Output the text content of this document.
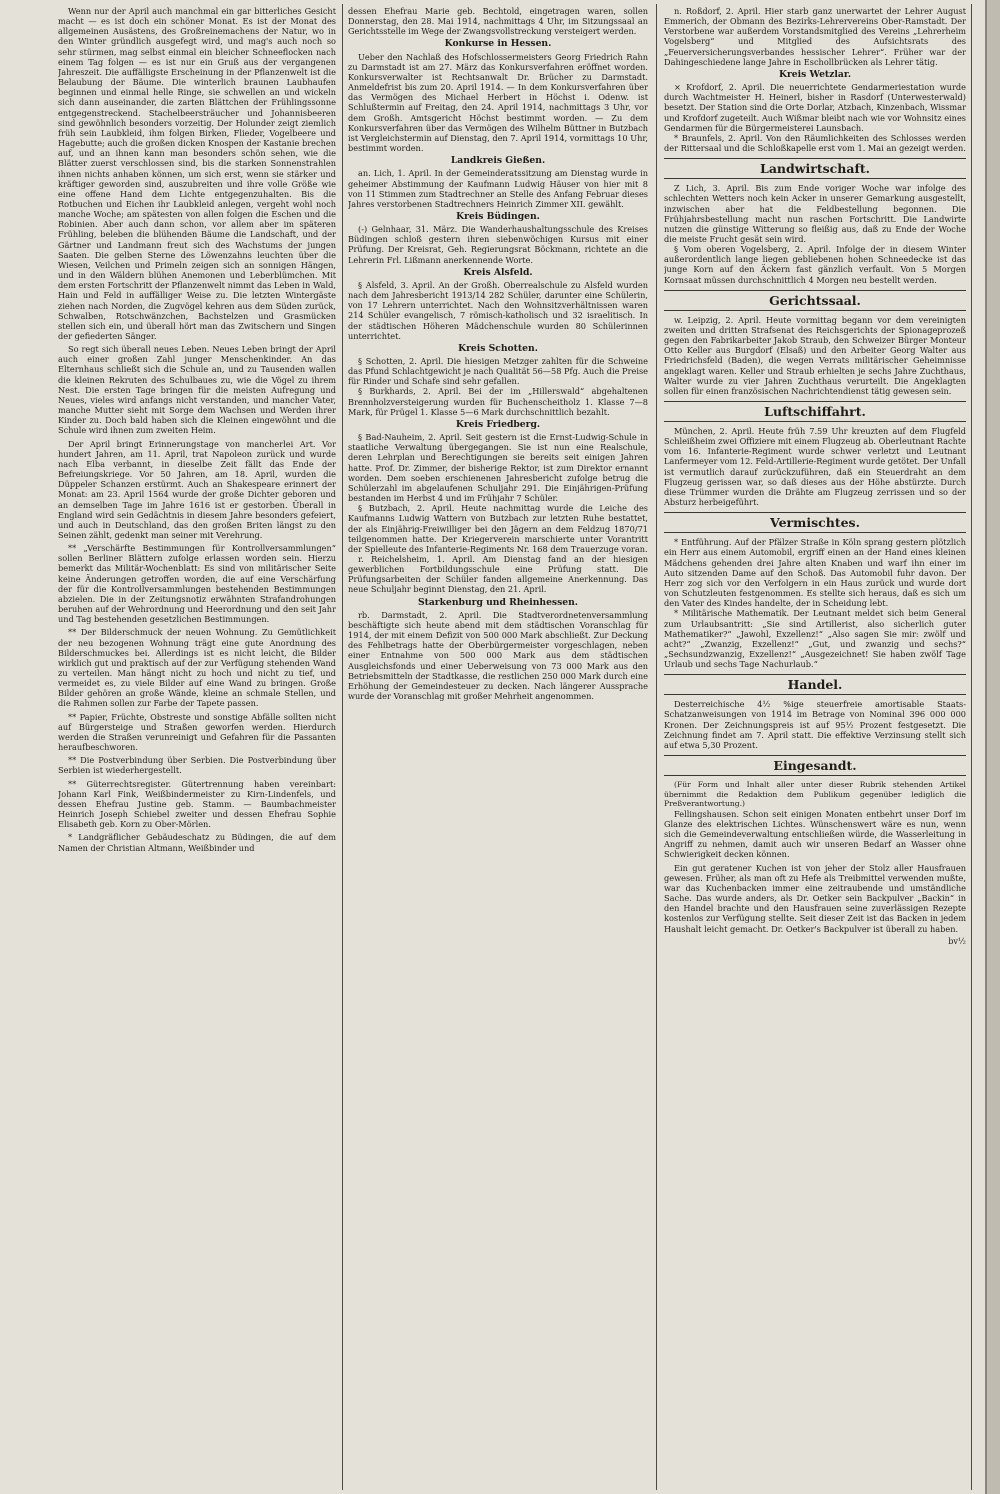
Wenn nur der April auch manchmal ein gar bitterliches Gesicht macht — es ist doch ein schöner Monat. Es ist der Monat des allgemeinen Ausästens, des Großreinemachens der Natur, wo in den Winter gründlich ausgefegt wird, und mag's auch noch so sehr stürmen, mag selbst einmal ein bleicher Schneeflocken nach einem Tag folgen — es ist nur ein Gruß aus der vergangenen Jahreszeit. Die auffälligste Erscheinung in der Pflanzenwelt ist die Belaubung der Bäume. Die winterlich braunen Laubhaufen beginnen und einmal helle Ringe, sie schwellen an und wickeln sich dann auseinander, die zarten Blättchen der Frühlingssonne entgegenstreckend. Stachelbeersträucher und Johannisbeeren sind gewöhnlich besonders vorzeitig. Der Holunder zeigt ziemlich früh sein Laubkleid, ihm folgen Birken, Flieder, Vogelbeere und Hagebutte; auch die großen dicken Knospen der Kastanie brechen auf, und an ihnen kann man besonders schön sehen, wie die Blätter zuerst verschlossen sind, bis die starken Sonnenstrahlen ihnen nichts anhaben können, um sich erst, wenn sie stärker und kräftiger geworden sind, auszubreiten und ihre volle Größe wie eine offene Hand dem Lichte entgegenzuhalten. Bis die Rotbuchen und Eichen ihr Laubkleid anlegen, vergeht wohl noch manche Woche; am spätesten von allen folgen die Eschen und die Robinien. Aber auch dann schon, vor allem aber im späteren Frühling, beleben die blühenden Bäume die Landschaft, und der Gärtner und Landmann freut sich des Wachstums der jungen Saaten. Die gelben Sterne des Löwenzahns leuchten über die Wiesen, Veilchen und Primeln zeigen sich an sonnigen Hängen, und in den Wäldern blühen Anemonen und Leberblümchen. Mit dem ersten Fortschritt der Pflanzenwelt nimmt das Leben in Wald, Hain und Feld in auffälliger Weise zu. Die letzten Wintergäste ziehen nach Norden, die Zugvögel kehren aus dem Süden zurück, Schwalben, Rotschwänzchen, Bachstelzen und Grasmücken stellen sich ein, und überall hört man das Zwitschern und Singen der gefiederten Sänger.

So regt sich überall neues Leben. Neues Leben bringt der April auch einer großen Zahl junger Menschenkinder. An das Elternhaus schließt sich die Schule an, und zu Tausenden wallen die kleinen Rekruten des Schulbaues zu, wie die Vögel zu ihrem Nest. Die ersten Tage bringen für die meisten Aufregung und Neues, vieles wird anfangs nicht verstanden, und mancher Vater, manche Mutter sieht mit Sorge dem Wachsen und Werden ihrer Kinder zu. Doch bald haben sich die Kleinen eingewöhnt und die Schule wird ihnen zum zweiten Heim.

Der April bringt Erinnerungstage von mancherlei Art. Vor hundert Jahren, am 11. April, trat Napoleon zurück und wurde nach Elba verbannt, in dieselbe Zeit fällt das Ende der Befreiungskriege. Vor 50 Jahren, am 18. April, wurden die Düppeler Schanzen erstürmt. Auch an Shakespeare erinnert der Monat: am 23. April 1564 wurde der große Dichter geboren und an demselben Tage im Jahre 1616 ist er gestorben. Überall in England wird sein Gedächtnis in diesem Jahre besonders gefeiert, und auch in Deutschland, das den großen Briten längst zu den Seinen zählt, gedenkt man seiner mit Verehrung.

** „Verschärfte Bestimmungen für Kontrollversammlungen“ sollen Berliner Blättern zufolge erlassen worden sein. Hierzu bemerkt das Militär-Wochenblatt: Es sind von militärischer Seite keine Änderungen getroffen worden, die auf eine Verschärfung der für die Kontrollversammlungen bestehenden Bestimmungen abzielen. Die in der Zeitungsnotiz erwähnten Strafandrohungen beruhen auf der Wehrordnung und Heerordnung und den seit Jahr und Tag bestehenden gesetzlichen Bestimmungen.

** Der Bilderschmuck der neuen Wohnung. Zu Gemütlichkeit der neu bezogenen Wohnung trägt eine gute Anordnung des Bilderschmuckes bei. Allerdings ist es nicht leicht, die Bilder wirklich gut und praktisch auf der zur Verfügung stehenden Wand zu verteilen. Man hängt nicht zu hoch und nicht zu tief, und vermeidet es, zu viele Bilder auf eine Wand zu bringen. Große Bilder gehören an große Wände, kleine an schmale Stellen, und die Rahmen sollen zur Farbe der Tapete passen.

** Papier, Früchte, Obstreste und sonstige Abfälle sollten nicht auf Bürgersteige und Straßen geworfen werden. Hierdurch werden die Straßen verunreinigt und Gefahren für die Passanten heraufbeschworen.

** Die Postverbindung über Serbien. Die Postverbindung über Serbien ist wiederhergestellt.

** Güterrechtsregister. Gütertrennung haben vereinbart: Johann Karl Fink, Weißbindermeister zu Kirn-Lindenfels, und dessen Ehefrau Justine geb. Stamm. — Baumbachmeister Heinrich Joseph Schiebel zweiter und dessen Ehefrau Sophie Elisabeth geb. Korn zu Ober-Mörlen.

* Landgräflicher Gebäudeschatz zu Büdingen, die auf dem Namen der Christian Altmann, Weißbinder und

dessen Ehefrau Marie geb. Bechtold, eingetragen waren, sollen Donnerstag, den 28. Mai 1914, nachmittags 4 Uhr, im Sitzungssaal an Gerichtsstelle im Wege der Zwangsvollstreckung versteigert werden.

Konkurse in Hessen.

Ueber den Nachlaß des Hofschlossermeisters Georg Friedrich Rahn zu Darmstadt ist am 27. März das Konkursverfahren eröffnet worden. Konkursverwalter ist Rechtsanwalt Dr. Brücher zu Darmstadt. Anmeldefrist bis zum 20. April 1914. — In dem Konkursverfahren über das Vermögen des Michael Herbert in Höchst i. Odenw. ist Schlußtermin auf Freitag, den 24. April 1914, nachmittags 3 Uhr, vor dem Großh. Amtsgericht Höchst bestimmt worden. — Zu dem Konkursverfahren über das Vermögen des Wilhelm Büttner in Butzbach ist Vergleichstermin auf Dienstag, den 7. April 1914, vormittags 10 Uhr, bestimmt worden.

Landkreis Gießen.

an. Lich, 1. April. In der Gemeinderatssitzung am Dienstag wurde in geheimer Abstimmung der Kaufmann Ludwig Häuser von hier mit 8 von 11 Stimmen zum Stadtrechner an Stelle des Anfang Februar dieses Jahres verstorbenen Stadtrechners Heinrich Zimmer XII. gewählt.

Kreis Büdingen.

(-) Gelnhaar, 31. März. Die Wanderhaushaltungsschule des Kreises Büdingen schloß gestern ihren siebenwöchigen Kursus mit einer Prüfung. Der Kreisrat, Geh. Regierungsrat Böckmann, richtete an die Lehrerin Frl. Lißmann anerkennende Worte.

Kreis Alsfeld.

§ Alsfeld, 3. April. An der Großh. Oberrealschule zu Alsfeld wurden nach dem Jahresbericht 1913/14 282 Schüler, darunter eine Schülerin, von 17 Lehrern unterrichtet. Nach den Wohnsitzverhältnissen waren 214 Schüler evangelisch, 7 römisch-katholisch und 32 israelitisch. In der städtischen Höheren Mädchenschule wurden 80 Schülerinnen unterrichtet.

Kreis Schotten.

§ Schotten, 2. April. Die hiesigen Metzger zahlten für die Schweine das Pfund Schlachtgewicht je nach Qualität 56—58 Pfg. Auch die Preise für Rinder und Schafe sind sehr gefallen.

§ Burkhards, 2. April. Bei der im „Hillerswald“ abgehaltenen Brennholzversteigerung wurden für Buchenscheitholz 1. Klasse 7—8 Mark, für Prügel 1. Klasse 5—6 Mark durchschnittlich bezahlt.

Kreis Friedberg.

§ Bad-Nauheim, 2. April. Seit gestern ist die Ernst-Ludwig-Schule in staatliche Verwaltung übergegangen. Sie ist nun eine Realschule, deren Lehrplan und Berechtigungen sie bereits seit einigen Jahren hatte. Prof. Dr. Zimmer, der bisherige Rektor, ist zum Direktor ernannt worden. Dem soeben erschienenen Jahresbericht zufolge betrug die Schülerzahl im abgelaufenen Schuljahr 291. Die Einjährigen-Prüfung bestanden im Herbst 4 und im Frühjahr 7 Schüler.

§ Butzbach, 2. April. Heute nachmittag wurde die Leiche des Kaufmanns Ludwig Wattern von Butzbach zur letzten Ruhe bestattet, der als Einjährig-Freiwilliger bei den Jägern an dem Feldzug 1870/71 teilgenommen hatte. Der Kriegerverein marschierte unter Vorantritt der Spielleute des Infanterie-Regiments Nr. 168 dem Trauerzuge voran.

r. Reichelsheim, 1. April. Am Dienstag fand an der hiesigen gewerblichen Fortbildungsschule eine Prüfung statt. Die Prüfungsarbeiten der Schüler fanden allgemeine Anerkennung. Das neue Schuljahr beginnt Dienstag, den 21. April.

Starkenburg und Rheinhessen.

rb. Darmstadt, 2. April. Die Stadtverordnetenversammlung beschäftigte sich heute abend mit dem städtischen Voranschlag für 1914, der mit einem Defizit von 500 000 Mark abschließt. Zur Deckung des Fehlbetrags hatte der Oberbürgermeister vorgeschlagen, neben einer Entnahme von 500 000 Mark aus dem städtischen Ausgleichsfonds und einer Ueberweisung von 73 000 Mark aus den Betriebsmitteln der Stadtkasse, die restlichen 250 000 Mark durch eine Erhöhung der Gemeindesteuer zu decken. Nach längerer Aussprache wurde der Voranschlag mit großer Mehrheit angenommen.

n. Roßdorf, 2. April. Hier starb ganz unerwartet der Lehrer August Emmerich, der Obmann des Bezirks-Lehrervereins Ober-Ramstadt. Der Verstorbene war außerdem Vorstandsmitglied des Vereins „Lehrerheim Vogelsberg“ und Mitglied des Aufsichtsrats des „Feuerversicherungsverbandes hessischer Lehrer“. Früher war der Dahingeschiedene lange Jahre in Eschollbrücken als Lehrer tätig.

Kreis Wetzlar.

× Krofdorf, 2. April. Die neuerrichtete Gendarmeriestation wurde durch Wachtmeister H. Heinerl, bisher in Rasdorf (Unterwesterwald) besetzt. Der Station sind die Orte Dorlar, Atzbach, Kinzenbach, Wissmar und Krofdorf zugeteilt. Auch Wißmar bleibt nach wie vor Wohnsitz eines Gendarmen für die Bürgermeisterei Launsbach.

* Braunfels, 2. April. Von den Räumlichkeiten des Schlosses werden der Rittersaal und die Schloßkapelle erst vom 1. Mai an gezeigt werden.

Landwirtschaft.

Z Lich, 3. April. Bis zum Ende voriger Woche war infolge des schlechten Wetters noch kein Acker in unserer Gemarkung ausgestellt, inzwischen aber hat die Feldbestellung begonnen. Die Frühjahrsbestellung macht nun raschen Fortschritt. Die Landwirte nutzen die günstige Witterung so fleißig aus, daß zu Ende der Woche die meiste Frucht gesät sein wird.

§ Vom oberen Vogelsberg, 2. April. Infolge der in diesem Winter außerordentlich lange liegen gebliebenen hohen Schneedecke ist das junge Korn auf den Äckern fast gänzlich verfault. Von 5 Morgen Kornsaat müssen durchschnittlich 4 Morgen neu bestellt werden.

Gerichtssaal.

w. Leipzig, 2. April. Heute vormittag begann vor dem vereinigten zweiten und dritten Strafsenat des Reichsgerichts der Spionageprozeß gegen den Fabrikarbeiter Jakob Straub, den Schweizer Bürger Monteur Otto Keller aus Burgdorf (Elsaß) und den Arbeiter Georg Walter aus Friedrichsfeld (Baden), die wegen Verrats militärischer Geheimnisse angeklagt waren. Keller und Straub erhielten je sechs Jahre Zuchthaus, Walter wurde zu vier Jahren Zuchthaus verurteilt. Die Angeklagten sollen für einen französischen Nachrichtendienst tätig gewesen sein.

Luftschiffahrt.

München, 2. April. Heute früh 7.59 Uhr kreuzten auf dem Flugfeld Schleißheim zwei Offiziere mit einem Flugzeug ab. Oberleutnant Rachte vom 16. Infanterie-Regiment wurde schwer verletzt und Leutnant Lanfermeyer vom 12. Feld-Artillerie-Regiment wurde getötet. Der Unfall ist vermutlich darauf zurückzuführen, daß ein Steuerdraht an dem Flugzeug gerissen war, so daß dieses aus der Höhe abstürzte. Durch diese Trümmer wurden die Drähte am Flugzeug zerrissen und so der Absturz herbeigeführt.

Vermischtes.

* Entführung. Auf der Pfälzer Straße in Köln sprang gestern plötzlich ein Herr aus einem Automobil, ergriff einen an der Hand eines kleinen Mädchens gehenden drei Jahre alten Knaben und warf ihn einer im Auto sitzenden Dame auf den Schoß. Das Automobil fuhr davon. Der Herr zog sich vor den Verfolgern in ein Haus zurück und wurde dort von Schutzleuten festgenommen. Es stellte sich heraus, daß es sich um den Vater des Kindes handelte, der in Scheidung lebt.

* Militärische Mathematik. Der Leutnant meldet sich beim General zum Urlaubsantritt: „Sie sind Artillerist, also sicherlich guter Mathematiker?“ „Jawohl, Exzellenz!“ „Also sagen Sie mir: zwölf und acht?“ „Zwanzig, Exzellenz!“ „Gut, und zwanzig und sechs?“ „Sechsundzwanzig, Exzellenz!“ „Ausgezeichnet! Sie haben zwölf Tage Urlaub und sechs Tage Nachurlaub.“

Handel.

Desterreichische 4½ %ige steuerfreie amortisable Staats-Schatzanweisungen von 1914 im Betrage von Nominal 396 000 000 Kronen. Der Zeichnungspreis ist auf 95½ Prozent festgesetzt. Die Zeichnung findet am 7. April statt. Die effektive Verzinsung stellt sich auf etwa 5,30 Prozent.

Eingesandt.

(Für Form und Inhalt aller unter dieser Rubrik stehenden Artikel übernimmt die Redaktion dem Publikum gegenüber lediglich die Preßverantwortung.)

Fellingshausen. Schon seit einigen Monaten entbehrt unser Dorf im Glanze des elektrischen Lichtes. Wünschenswert wäre es nun, wenn sich die Gemeindeverwaltung entschließen würde, die Wasserleitung in Angriff zu nehmen, damit auch wir unseren Bedarf an Wasser ohne Schwierigkeit decken können.

Ein gut geratener Kuchen ist von jeher der Stolz aller Hausfrauen gewesen. Früher, als man oft zu Hefe als Treibmittel verwenden mußte, war das Kuchenbacken immer eine zeitraubende und umständliche Sache. Das wurde anders, als Dr. Oetker sein Backpulver „Backin“ in den Handel brachte und den Hausfrauen seine zuverlässigen Rezepte kostenlos zur Verfügung stellte. Seit dieser Zeit ist das Backen in jedem Haushalt leicht gemacht. Dr. Oetker's Backpulver ist überall zu haben.

bv½
